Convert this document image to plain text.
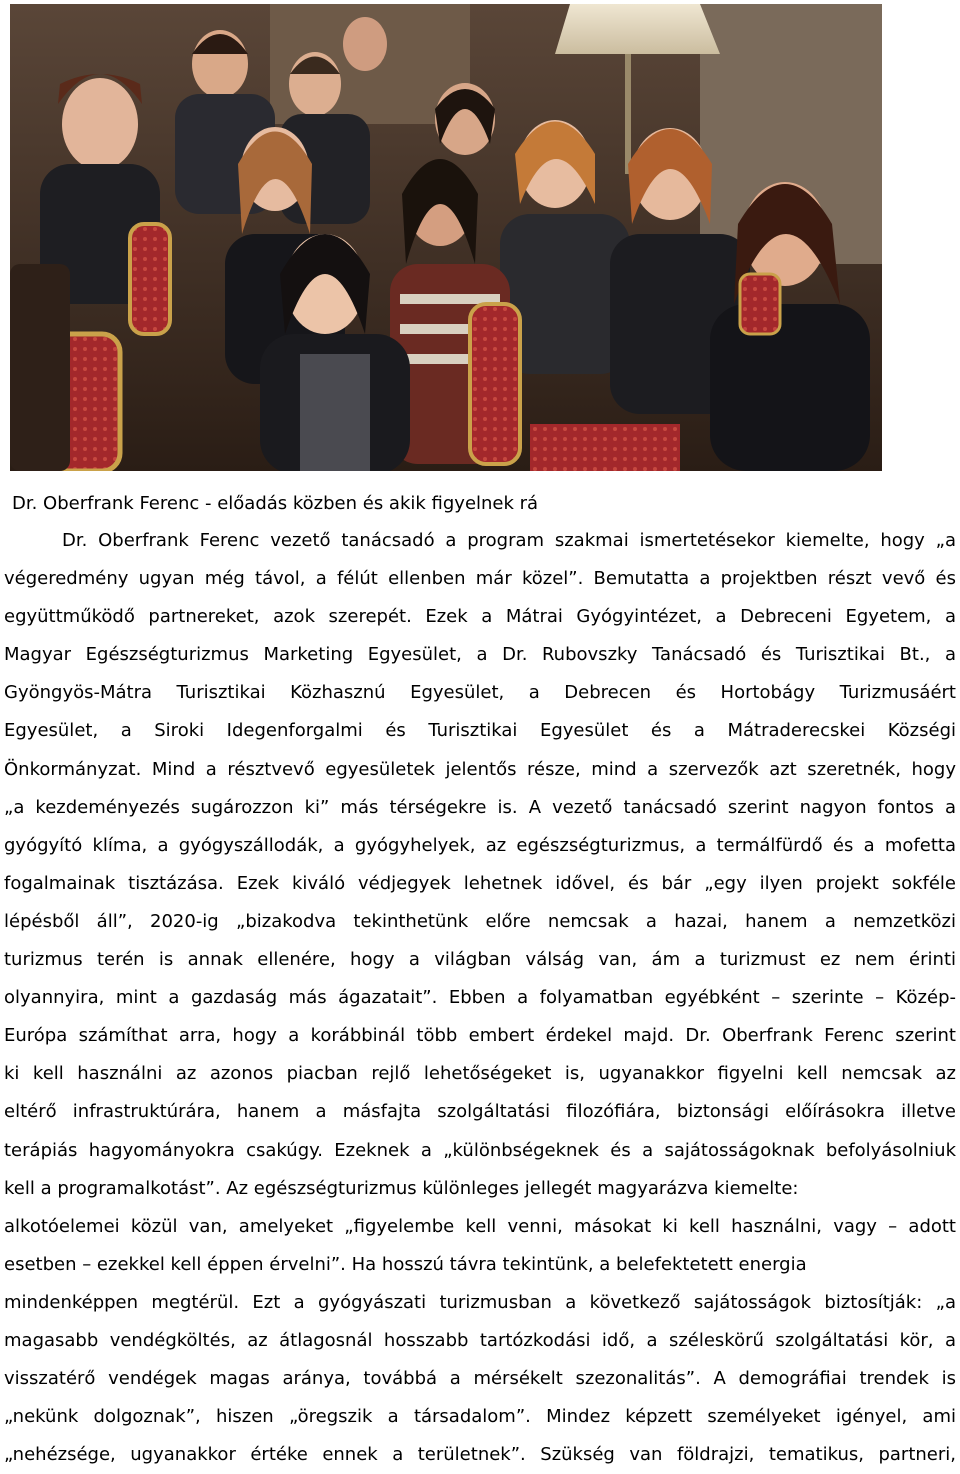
Dr. Oberfrank Ferenc - előadás közben és akik figyelnek rá
Dr. Oberfrank Ferenc vezető tanácsadó a program szakmai ismertetésekor kiemelte, hogy „a
végeredmény ugyan még távol, a félút ellenben már közel”. Bemutatta a projektben részt vevő és
együttműködő partnereket, azok szerepét. Ezek a Mátrai Gyógyintézet, a Debreceni Egyetem, a
Magyar Egészségturizmus Marketing Egyesület, a Dr. Rubovszky Tanácsadó és Turisztikai Bt., a
Gyöngyös-Mátra Turisztikai Közhasznú Egyesület, a Debrecen és Hortobágy Turizmusáért
Egyesület, a Siroki Idegenforgalmi és Turisztikai Egyesület és a Mátraderecskei Községi
Önkormányzat. Mind a résztvevő egyesületek jelentős része, mind a szervezők azt szeretnék, hogy
„a kezdeményezés sugározzon ki” más térségekre is. A vezető tanácsadó szerint nagyon fontos a
gyógyító klíma, a gyógyszállodák, a gyógyhelyek, az egészségturizmus, a termálfürdő és a mofetta
fogalmainak tisztázása. Ezek kiváló védjegyek lehetnek idővel, és bár „egy ilyen projekt sokféle
lépésből áll”, 2020-ig „bizakodva tekinthetünk előre nemcsak a hazai, hanem a nemzetközi
turizmus terén is annak ellenére, hogy a világban válság van, ám a turizmust ez nem érinti
olyannyira, mint a gazdaság más ágazatait”. Ebben a folyamatban egyébként – szerinte – Közép-
Európa számíthat arra, hogy a korábbinál több embert érdekel majd. Dr. Oberfrank Ferenc szerint
ki kell használni az azonos piacban rejlő lehetőségeket is, ugyanakkor figyelni kell nemcsak az
eltérő infrastruktúrára, hanem a másfajta szolgáltatási filozófiára, biztonsági előírásokra illetve
terápiás hagyományokra csakúgy. Ezeknek a „különbségeknek és a sajátosságoknak befolyásolniuk
kell a programalkotást”. Az egészségturizmus különleges jellegét magyarázva kiemelte:
alkotóelemei közül van, amelyeket „figyelembe kell venni, másokat ki kell használni, vagy – adott
esetben – ezekkel kell éppen érvelni”. Ha hosszú távra tekintünk, a belefektetett energia
mindenképpen megtérül. Ezt a gyógyászati turizmusban a következő sajátosságok biztosítják: „a
magasabb vendégköltés, az átlagosnál hosszabb tartózkodási idő, a széleskörű szolgáltatási kör, a
visszatérő vendégek magas aránya, továbbá a mérsékelt szezonalitás”. A demográfiai trendek is
„nekünk dolgoznak”, hiszen „öregszik a társadalom”. Mindez képzett személyeket igényel, ami
„nehézsége, ugyanakkor értéke ennek a területnek”. Szükség van földrajzi, tematikus, partneri,
